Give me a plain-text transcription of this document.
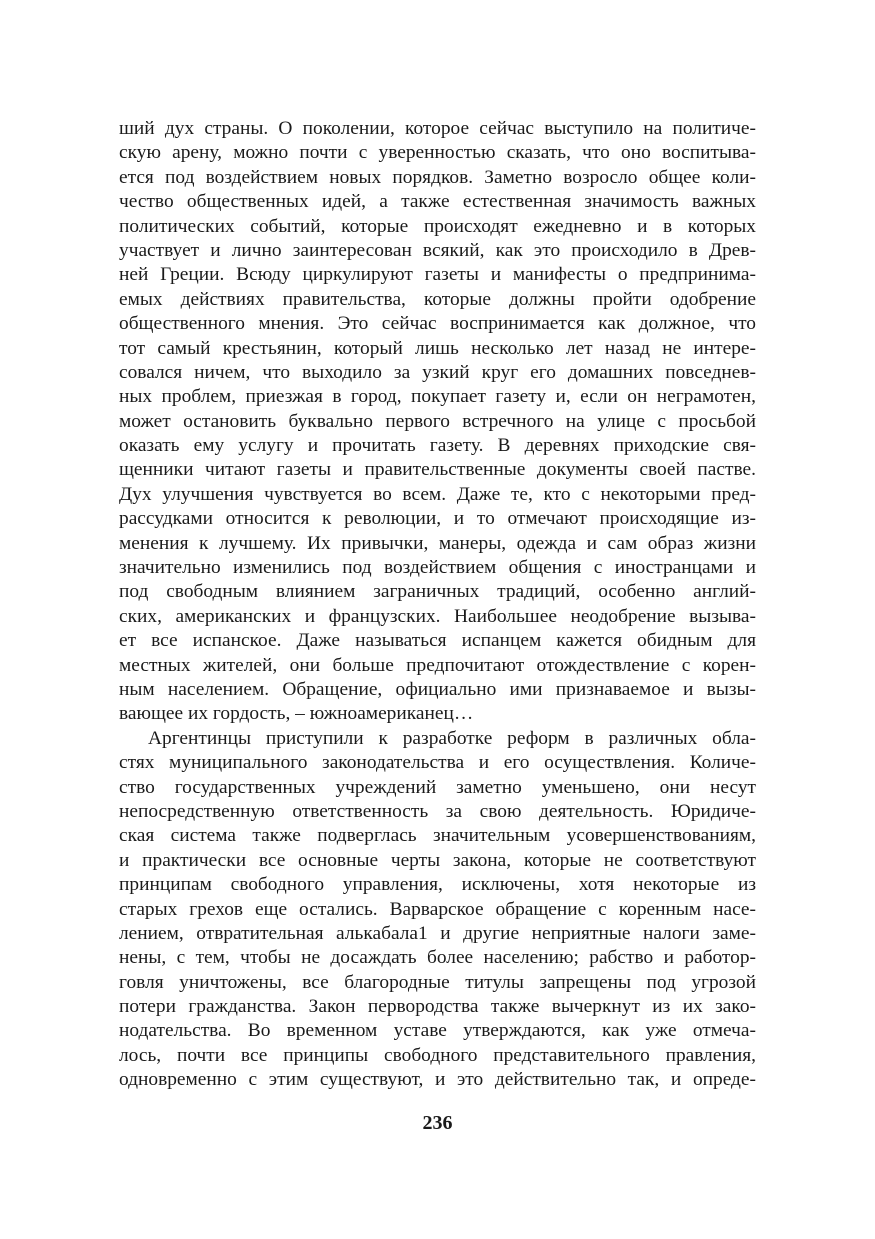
ший дух страны. О поколении, которое сейчас выступило на политиче-
скую арену, можно почти с уверенностью сказать, что оно воспитыва-
ется под воздействием новых порядков. Заметно возросло общее коли-
чество общественных идей, а также естественная значимость важных
политических событий, которые происходят ежедневно и в которых
участвует и лично заинтересован всякий, как это происходило в Древ-
ней Греции. Всюду циркулируют газеты и манифесты о предпринима-
емых действиях правительства, которые должны пройти одобрение
общественного мнения. Это сейчас воспринимается как должное, что
тот самый крестьянин, который лишь несколько лет назад не интере-
совался ничем, что выходило за узкий круг его домашних повседнев-
ных проблем, приезжая в город, покупает газету и, если он неграмотен,
может остановить буквально первого встречного на улице с просьбой
оказать ему услугу и прочитать газету. В деревнях приходские свя-
щенники читают газеты и правительственные документы своей пастве.
Дух улучшения чувствуется во всем. Даже те, кто с некоторыми пред-
рассудками относится к революции, и то отмечают происходящие из-
менения к лучшему. Их привычки, манеры, одежда и сам образ жизни
значительно изменились под воздействием общения с иностранцами и
под свободным влиянием заграничных традиций, особенно англий-
ских, американских и французских. Наибольшее неодобрение вызыва-
ет все испанское. Даже называться испанцем кажется обидным для
местных жителей, они больше предпочитают отождествление с корен-
ным населением. Обращение, официально ими признаваемое и вызы-
вающее их гордость, – южноамериканец…
Аргентинцы приступили к разработке реформ в различных обла-
стях муниципального законодательства и его осуществления. Количе-
ство государственных учреждений заметно уменьшено, они несут
непосредственную ответственность за свою деятельность. Юридиче-
ская система также подверглась значительным усовершенствованиям,
и практически все основные черты закона, которые не соответствуют
принципам свободного управления, исключены, хотя некоторые из
старых грехов еще остались. Варварское обращение с коренным насе-
лением, отвратительная алькабала1 и другие неприятные налоги заме-
нены, с тем, чтобы не досаждать более населению; рабство и работор-
говля уничтожены, все благородные титулы запрещены под угрозой
потери гражданства. Закон первородства также вычеркнут из их зако-
нодательства. Во временном уставе утверждаются, как уже отмеча-
лось, почти все принципы свободного представительного правления,
одновременно с этим существуют, и это действительно так, и опреде-
236
